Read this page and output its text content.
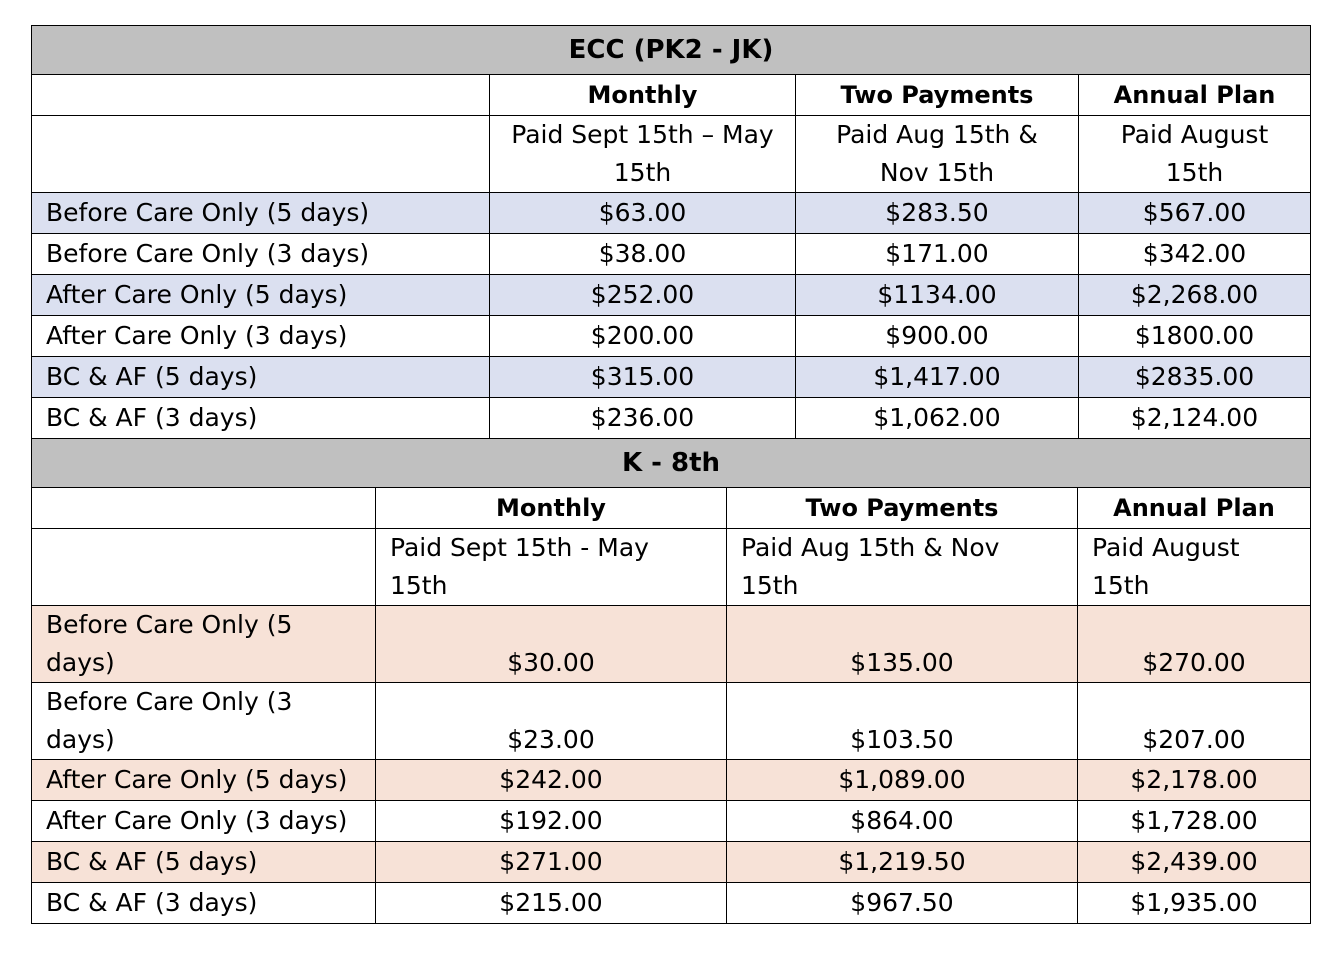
ECC (PK2 - JK)			
	Monthly	Two Payments	Annual Plan
	Paid Sept 15th – May 15th	Paid Aug 15th & Nov 15th	Paid August 15th
Before Care Only (5 days)	$63.00	$283.50	$567.00
Before Care Only (3 days)	$38.00	$171.00	$342.00
After Care Only (5 days)	$252.00	$1134.00	$2,268.00
After Care Only (3 days)	$200.00	$900.00	$1800.00
BC & AF (5 days)	$315.00	$1,417.00	$2835.00
BC & AF (3 days)	$236.00	$1,062.00	$2,124.00
K - 8th			
	Monthly	Two Payments	Annual Plan
	Paid Sept 15th - May 15th	Paid Aug 15th & Nov 15th	Paid August 15th
Before Care Only (5 days)	$30.00	$135.00	$270.00
Before Care Only (3 days)	$23.00	$103.50	$207.00
After Care Only (5 days)	$242.00	$1,089.00	$2,178.00
After Care Only (3 days)	$192.00	$864.00	$1,728.00
BC & AF (5 days)	$271.00	$1,219.50	$2,439.00
BC & AF (3 days)	$215.00	$967.50	$1,935.00
